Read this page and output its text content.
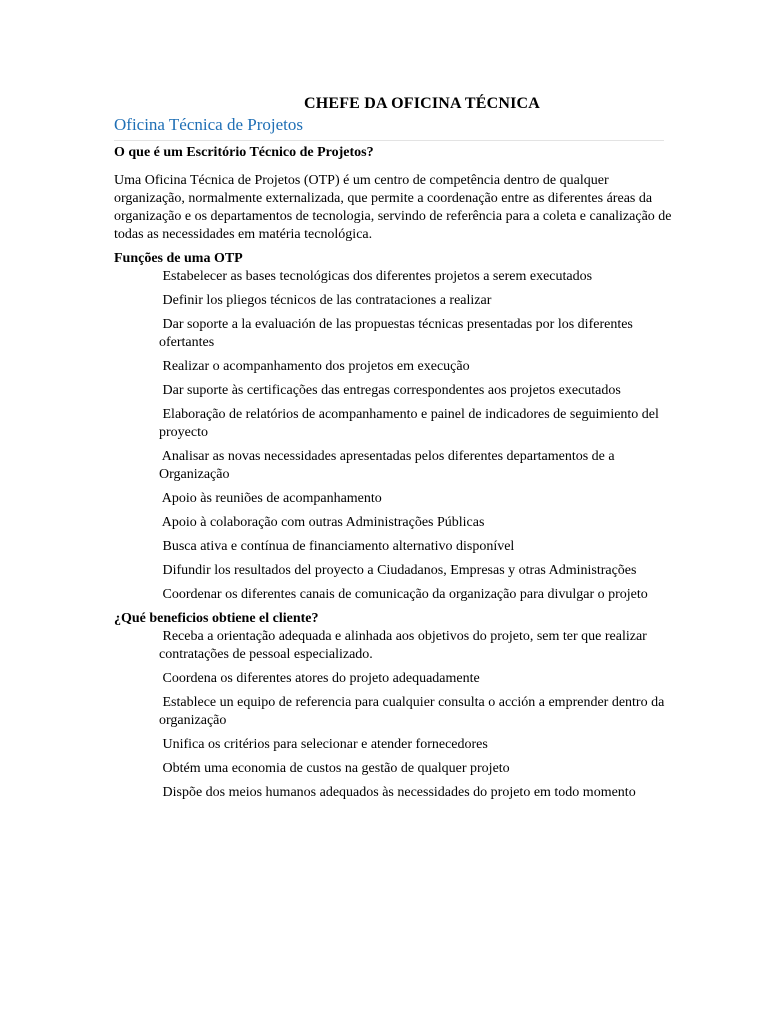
CHEFE DA OFICINA TÉCNICA
Oficina Técnica de Projetos

O que é um Escritório Técnico de Projetos?

Uma Oficina Técnica de Projetos (OTP) é um centro de competência dentro de qualquer organização, normalmente externalizada, que permite a coordenação entre as diferentes áreas da organização e os departamentos de tecnologia, servindo de referência para a coleta e canalização de todas as necessidades em matéria tecnológica.

Funções de uma OTP

Estabelecer as bases tecnológicas dos diferentes projetos a serem executados
Definir los pliegos técnicos de las contrataciones a realizar
Dar soporte a la evaluación de las propuestas técnicas presentadas por los diferentes ofertantes
Realizar o acompanhamento dos projetos em execução
Dar suporte às certificações das entregas correspondentes aos projetos executados
Elaboração de relatórios de acompanhamento e painel de indicadores de seguimiento del proyecto
Analisar as novas necessidades apresentadas pelos diferentes departamentos de a Organização
Apoio às reuniões de acompanhamento
Apoio à colaboração com outras Administrações Públicas
Busca ativa e contínua de financiamento alternativo disponível
Difundir los resultados del proyecto a Ciudadanos, Empresas y otras Administrações
Coordenar os diferentes canais de comunicação da organização para divulgar o projeto

¿Qué beneficios obtiene el cliente?

Receba a orientação adequada e alinhada aos objetivos do projeto, sem ter que realizar contratações de pessoal especializado.
Coordena os diferentes atores do projeto adequadamente
Establece un equipo de referencia para cualquier consulta o acción a emprender dentro da organização
Unifica os critérios para selecionar e atender fornecedores
Obtém uma economia de custos na gestão de qualquer projeto
Dispõe dos meios humanos adequados às necessidades do projeto em todo momento
